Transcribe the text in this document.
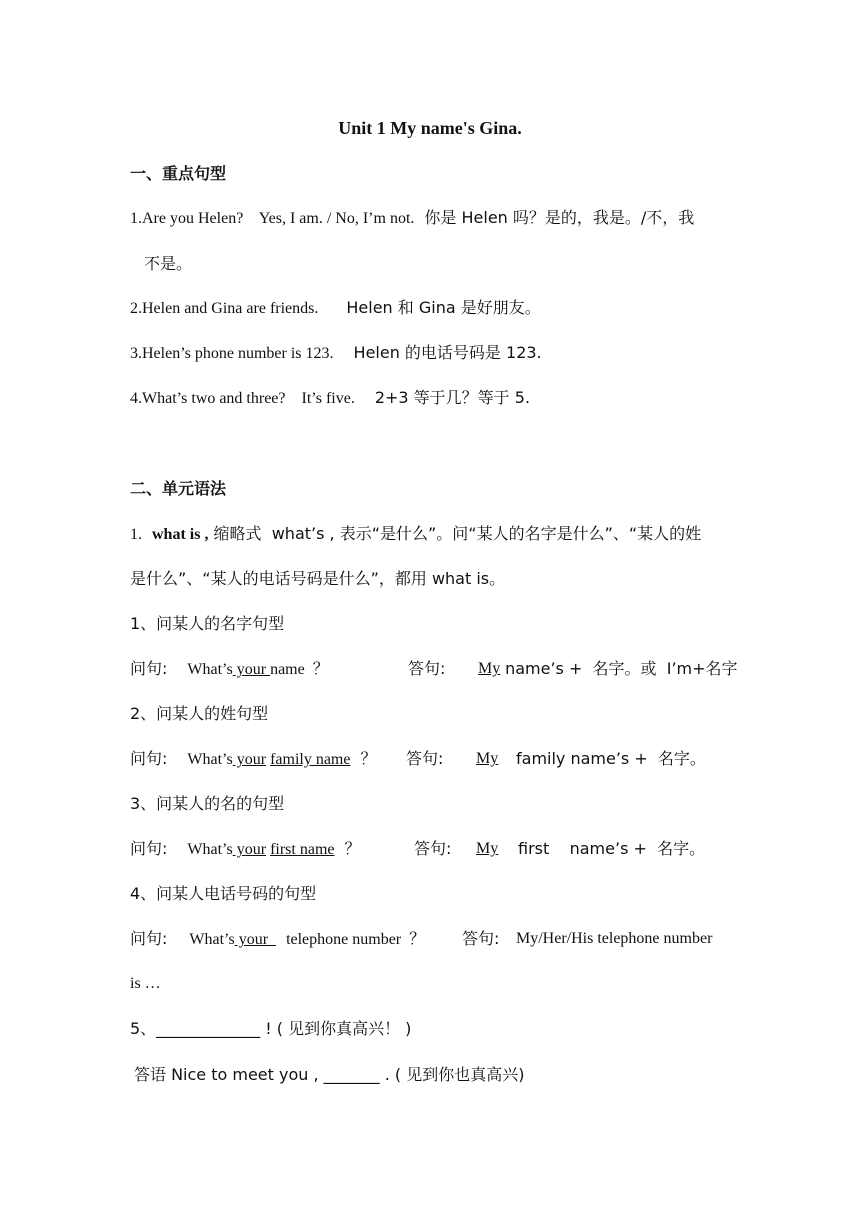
Unit 1 My name's Gina.
一、重点句型
1.Are you Helen?    Yes, I am. / No, I’m not. 你是 Helen 吗？是的，我是。/不，我
不是。
2.Helen and Gina are friends. Helen 和 Gina 是好朋友。
3.Helen’s phone number is 123. Helen 的电话号码是 123.
4.What’s two and three?    It’s five. 2+3 等于几？等于 5.
二、单元语法
1. what is , 缩略式  what’s , 表示“是什么”。问“某人的名字是什么”、“某人的姓
是什么”、“某人的电话号码是什么”，都用 what is。
1、问某人的名字句型
问句: What’s your name  ？	答句: My name’s +  名字。或  I’m+名字
2、问某人的姓句型
问句: What’s your family name ？ 答句: My family name’s +  名字。
3、问某人的名的句型
问句: What’s your first name ？	答句: My first    name’s +  名字。
4、问某人电话号码的句型
问句: What’s your   telephone number  ？ 答句: My/Her/His telephone number
is …
5、_____________ ! ( 见到你真高兴！ )
答语 Nice to meet you , _______ . ( 见到你也真高兴)
